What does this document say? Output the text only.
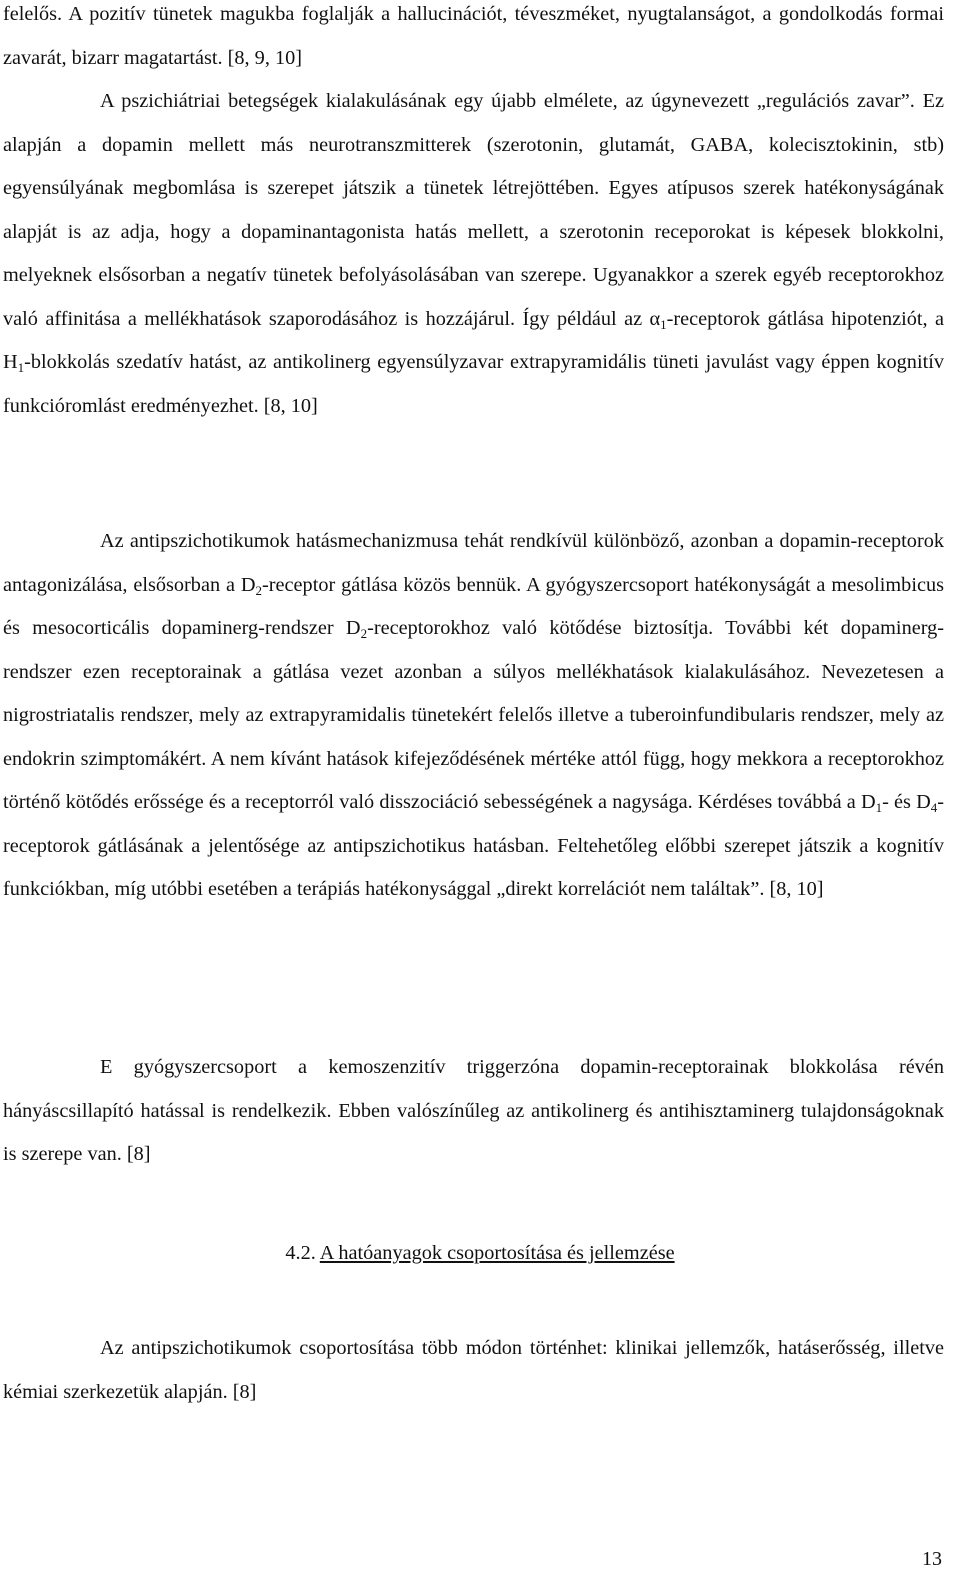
felelős. A pozitív tünetek magukba foglalják a hallucinációt, téveszméket, nyugtalanságot, a gondolkodás formai zavarát, bizarr magatartást. [8, 9, 10]

A pszichiátriai betegségek kialakulásának egy újabb elmélete, az úgynevezett „regulációs zavar”. Ez alapján a dopamin mellett más neurotranszmitterek (szerotonin, glutamát, GABA, kolecisztokinin, stb) egyensúlyának megbomlása is szerepet játszik a tünetek létrejöttében. Egyes atípusos szerek hatékonyságának alapját is az adja, hogy a dopaminantagonista hatás mellett, a szerotonin receporokat is képesek blokkolni, melyeknek elsősorban a negatív tünetek befolyásolásában van szerepe. Ugyanakkor a szerek egyéb receptorokhoz való affinitása a mellékhatások szaporodásához is hozzájárul. Így például az $\alpha_1$-receptorok gátlása hipotenziót, a $H_1$-blokkolás szedatív hatást, az antikolinerg egyensúlyzavar extrapyramidális tüneti javulást vagy éppen kognitív funkcióromlást eredményezhet. [8, 10]

Az antipszichotikumok hatásmechanizmusa tehát rendkívül különböző, azonban a dopamin-receptorok antagonizálása, elsősorban a $D_2$-receptor gátlása közös bennük. A gyógyszercsoport hatékonyságát a mesolimbicus és mesocorticális dopaminerg-rendszer $D_2$-receptorokhoz való kötődése biztosítja. További két dopaminerg-rendszer ezen receptorainak a gátlása vezet azonban a súlyos mellékhatások kialakulásához. Nevezetesen a nigrostriatalis rendszer, mely az extrapyramidalis tünetekért felelős illetve a tuberoinfundibularis rendszer, mely az endokrin szimptomákért. A nem kívánt hatások kifejeződésének mértéke attól függ, hogy mekkora a receptorokhoz történő kötődés erőssége és a receptorról való disszociáció sebességének a nagysága. Kérdéses továbbá a $D_1-$ és $D_4$-receptorok gátlásának a jelentősége az antipszichotikus hatásban. Feltehetőleg előbbi szerepet játszik a kognitív funkciókban, míg utóbbi esetében a terápiás hatékonysággal „direkt korrelációt nem találtak”. [8, 10]

E gyógyszercsoport a kemoszenzitív triggerzóna dopamin-receptorainak blokkolása révén hányáscsillapító hatással is rendelkezik. Ebben valószínűleg az antikolinerg és antihisztaminerg tulajdonságoknak is szerepe van. [8]

4.2. A hatóanyagok csoportosítása és jellemzése

Az antipszichotikumok csoportosítása több módon történhet: klinikai jellemzők, hatáserősség, illetve kémiai szerkezetük alapján. [8]

13
